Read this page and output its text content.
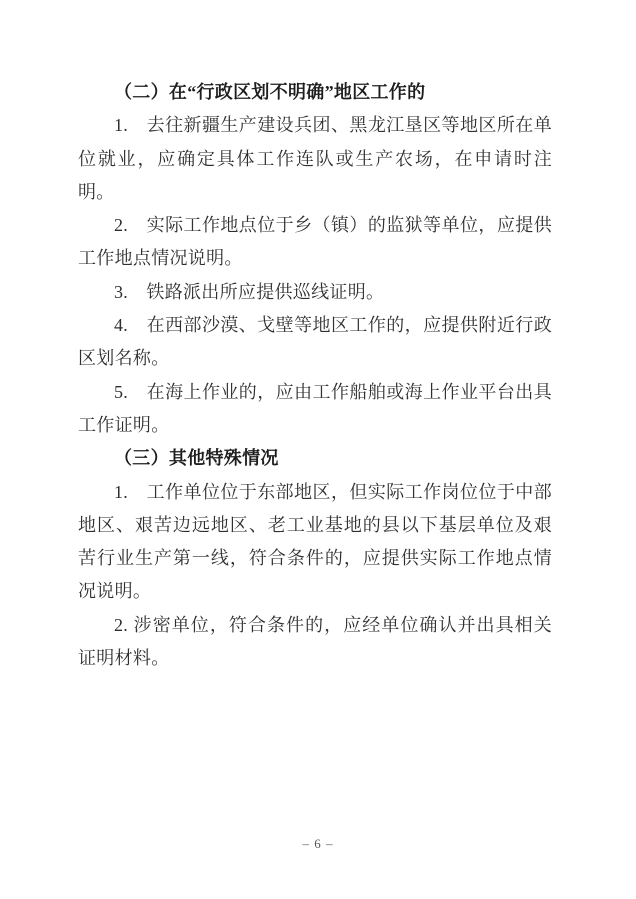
（二）在“行政区划不明确”地区工作的

1.　去往新疆生产建设兵团、黑龙江垦区等地区所在单位就业，应确定具体工作连队或生产农场，在申请时注明。

2.　实际工作地点位于乡（镇）的监狱等单位，应提供工作地点情况说明。

3.　铁路派出所应提供巡线证明。

4.　在西部沙漠、戈壁等地区工作的，应提供附近行政区划名称。

5.　在海上作业的，应由工作船舶或海上作业平台出具工作证明。

（三）其他特殊情况

1.　工作单位位于东部地区，但实际工作岗位位于中部地区、艰苦边远地区、老工业基地的县以下基层单位及艰苦行业生产第一线，符合条件的，应提供实际工作地点情况说明。

2. 涉密单位，符合条件的，应经单位确认并出具相关证明材料。

– 6 –
